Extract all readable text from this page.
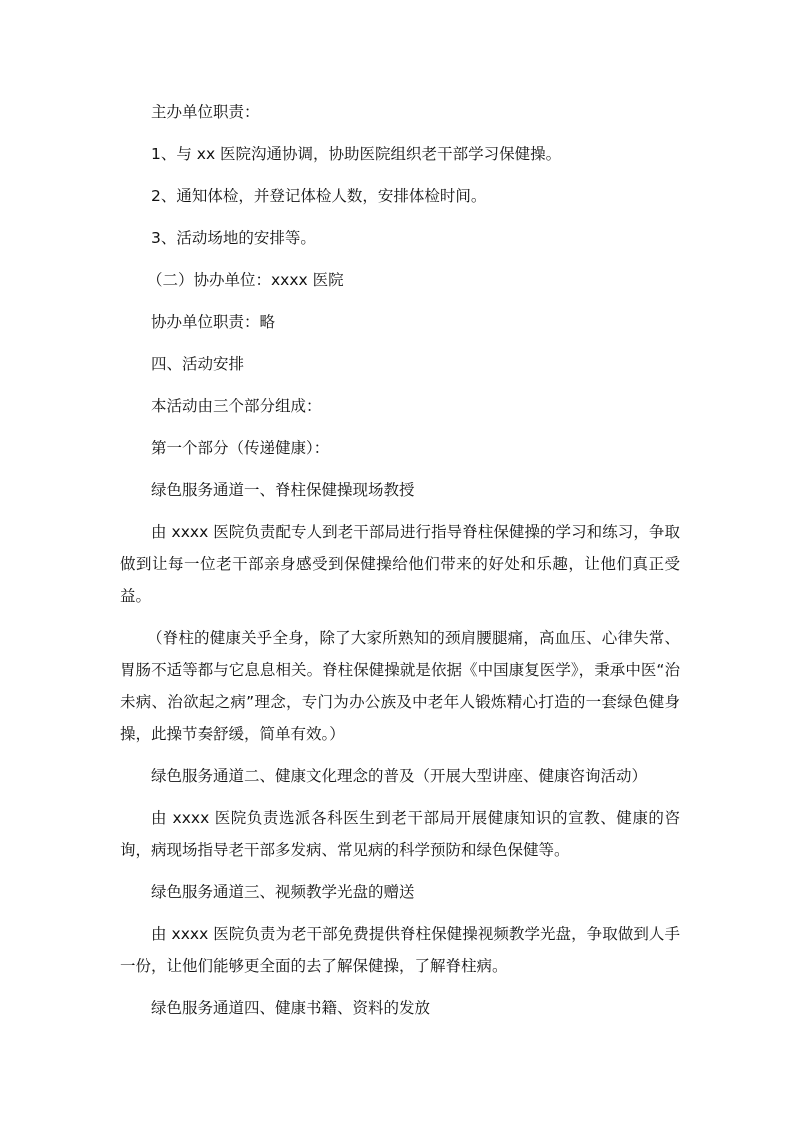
主办单位职责：

1、与 xx 医院沟通协调，协助医院组织老干部学习保健操。

2、通知体检，并登记体检人数，安排体检时间。

3、活动场地的安排等。

（二）协办单位：xxxx 医院

协办单位职责：略

四、活动安排

本活动由三个部分组成：

第一个部分（传递健康）：

绿色服务通道一、脊柱保健操现场教授

由 xxxx 医院负责配专人到老干部局进行指导脊柱保健操的学习和练习，争取做到让每一位老干部亲身感受到保健操给他们带来的好处和乐趣，让他们真正受益。

（脊柱的健康关乎全身，除了大家所熟知的颈肩腰腿痛，高血压、心律失常、胃肠不适等都与它息息相关。脊柱保健操就是依据《中国康复医学》，秉承中医“治未病、治欲起之病”理念，专门为办公族及中老年人锻炼精心打造的一套绿色健身操，此操节奏舒缓，简单有效。）

绿色服务通道二、健康文化理念的普及（开展大型讲座、健康咨询活动）

由 xxxx 医院负责选派各科医生到老干部局开展健康知识的宣教、健康的咨询，病现场指导老干部多发病、常见病的科学预防和绿色保健等。

绿色服务通道三、视频教学光盘的赠送

由 xxxx 医院负责为老干部免费提供脊柱保健操视频教学光盘，争取做到人手一份，让他们能够更全面的去了解保健操，了解脊柱病。

绿色服务通道四、健康书籍、资料的发放
